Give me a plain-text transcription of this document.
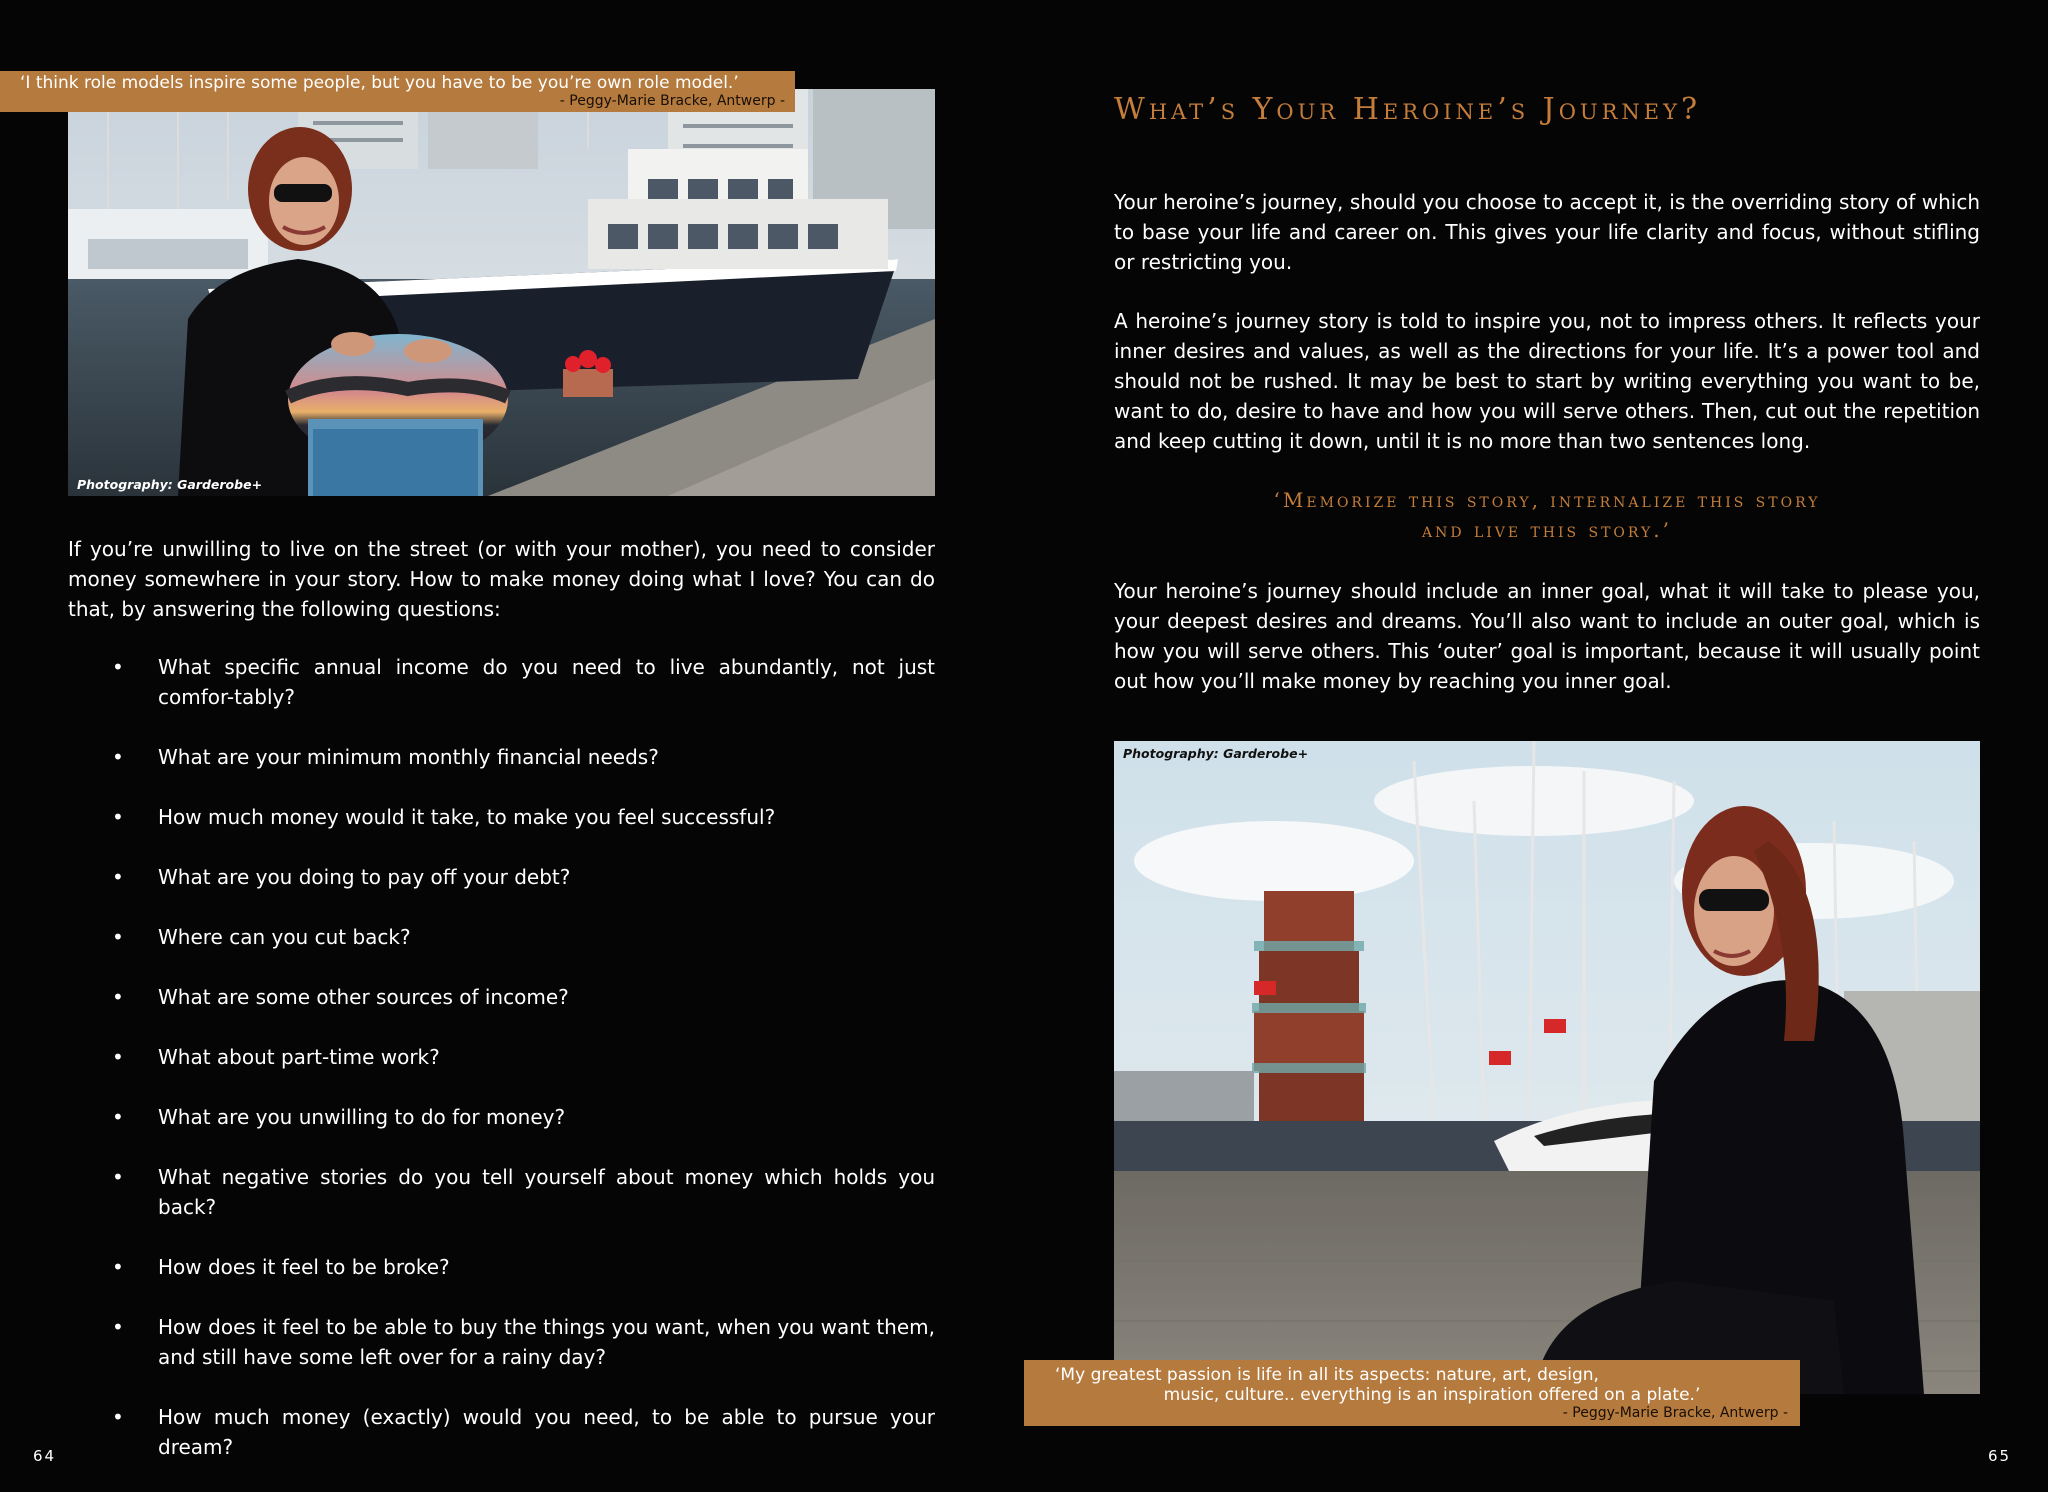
‘I think role models inspire some people, but you have to be you’re own role model.’
- Peggy-Marie Bracke, Antwerp -
Photography: Garderobe+

If you’re unwilling to live on the street (or with your mother), you need to consider money somewhere in your story. How to make money doing what I love? You can do that, by answering the following questions:

• What specific annual income do you need to live abundantly, not just comfor-tably?
• What are your minimum monthly financial needs?
• How much money would it take, to make you feel successful?
• What are you doing to pay off your debt?
• Where can you cut back?
• What are some other sources of income?
• What about part-time work?
• What are you unwilling to do for money?
• What negative stories do you tell yourself about money which holds you back?
• How does it feel to be broke?
• How does it feel to be able to buy the things you want, when you want them, and still have some left over for a rainy day?
• How much money (exactly) would you need, to be able to pursue your dream?
64
What’s Your Heroine’s Journey?

Your heroine’s journey, should you choose to accept it, is the overriding story of which to base your life and career on. This gives your life clarity and focus, without stifling or restricting you.

A heroine’s journey story is told to inspire you, not to impress others. It reflects your inner desires and values, as well as the directions for your life. It’s a power tool and should not be rushed. It may be best to start by writing everything you want to be, want to do, desire to have and how you will serve others. Then, cut out the repetition and keep cutting it down, until it is no more than two sentences long.

‘Memorize this story, internalize this story
and live this story.’

Your heroine’s journey should include an inner goal, what it will take to please you, your deepest desires and dreams. You’ll also want to include an outer goal, which is how you will serve others. This ‘outer’ goal is important, because it will usually point out how you’ll make money by reaching you inner goal.

Photography: Garderobe+
‘My greatest passion is life in all its aspects: nature, art, design,
music, culture.. everything is an inspiration offered on a plate.’
- Peggy-Marie Bracke, Antwerp -
65
